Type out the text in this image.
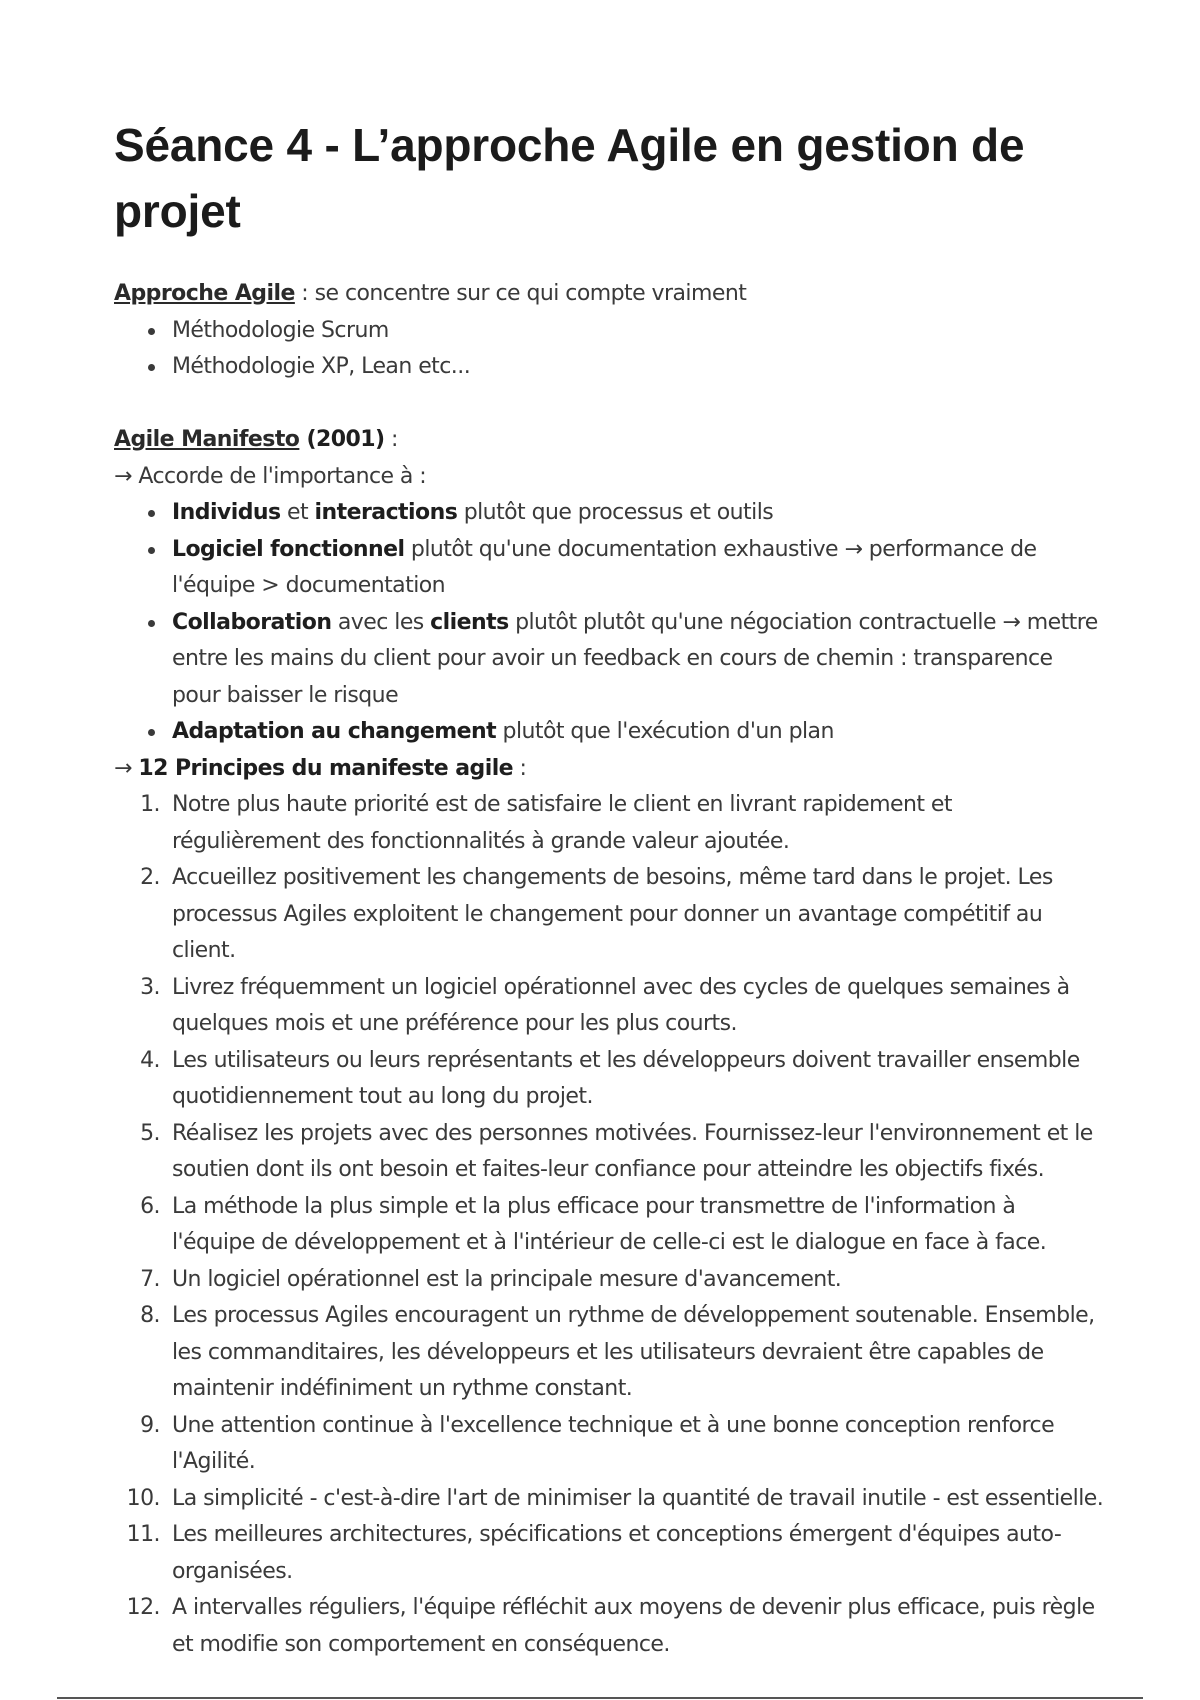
Séance 4 - L’approche Agile en gestion de
projet
Approche Agile : se concentre sur ce qui compte vraiment
Méthodologie Scrum
Méthodologie XP, Lean etc...
Agile Manifesto (2001) :
→ Accorde de l'importance à :
Individus et interactions plutôt que processus et outils
Logiciel fonctionnel plutôt qu'une documentation exhaustive → performance de
l'équipe > documentation
Collaboration avec les clients plutôt plutôt qu'une négociation contractuelle → mettre
entre les mains du client pour avoir un feedback en cours de chemin : transparence
pour baisser le risque
Adaptation au changement plutôt que l'exécution d'un plan
→ 12 Principes du manifeste agile :
1. Notre plus haute priorité est de satisfaire le client en livrant rapidement et
régulièrement des fonctionnalités à grande valeur ajoutée.
2. Accueillez positivement les changements de besoins, même tard dans le projet. Les
processus Agiles exploitent le changement pour donner un avantage compétitif au
client.
3. Livrez fréquemment un logiciel opérationnel avec des cycles de quelques semaines à
quelques mois et une préférence pour les plus courts.
4. Les utilisateurs ou leurs représentants et les développeurs doivent travailler ensemble
quotidiennement tout au long du projet.
5. Réalisez les projets avec des personnes motivées. Fournissez-leur l'environnement et le
soutien dont ils ont besoin et faites-leur confiance pour atteindre les objectifs fixés.
6. La méthode la plus simple et la plus efficace pour transmettre de l'information à
l'équipe de développement et à l'intérieur de celle-ci est le dialogue en face à face.
7. Un logiciel opérationnel est la principale mesure d'avancement.
8. Les processus Agiles encouragent un rythme de développement soutenable. Ensemble,
les commanditaires, les développeurs et les utilisateurs devraient être capables de
maintenir indéfiniment un rythme constant.
9. Une attention continue à l'excellence technique et à une bonne conception renforce
l'Agilité.
10. La simplicité - c'est-à-dire l'art de minimiser la quantité de travail inutile - est essentielle.
11. Les meilleures architectures, spécifications et conceptions émergent d'équipes auto-
organisées.
12. A intervalles réguliers, l'équipe réfléchit aux moyens de devenir plus efficace, puis règle
et modifie son comportement en conséquence.
